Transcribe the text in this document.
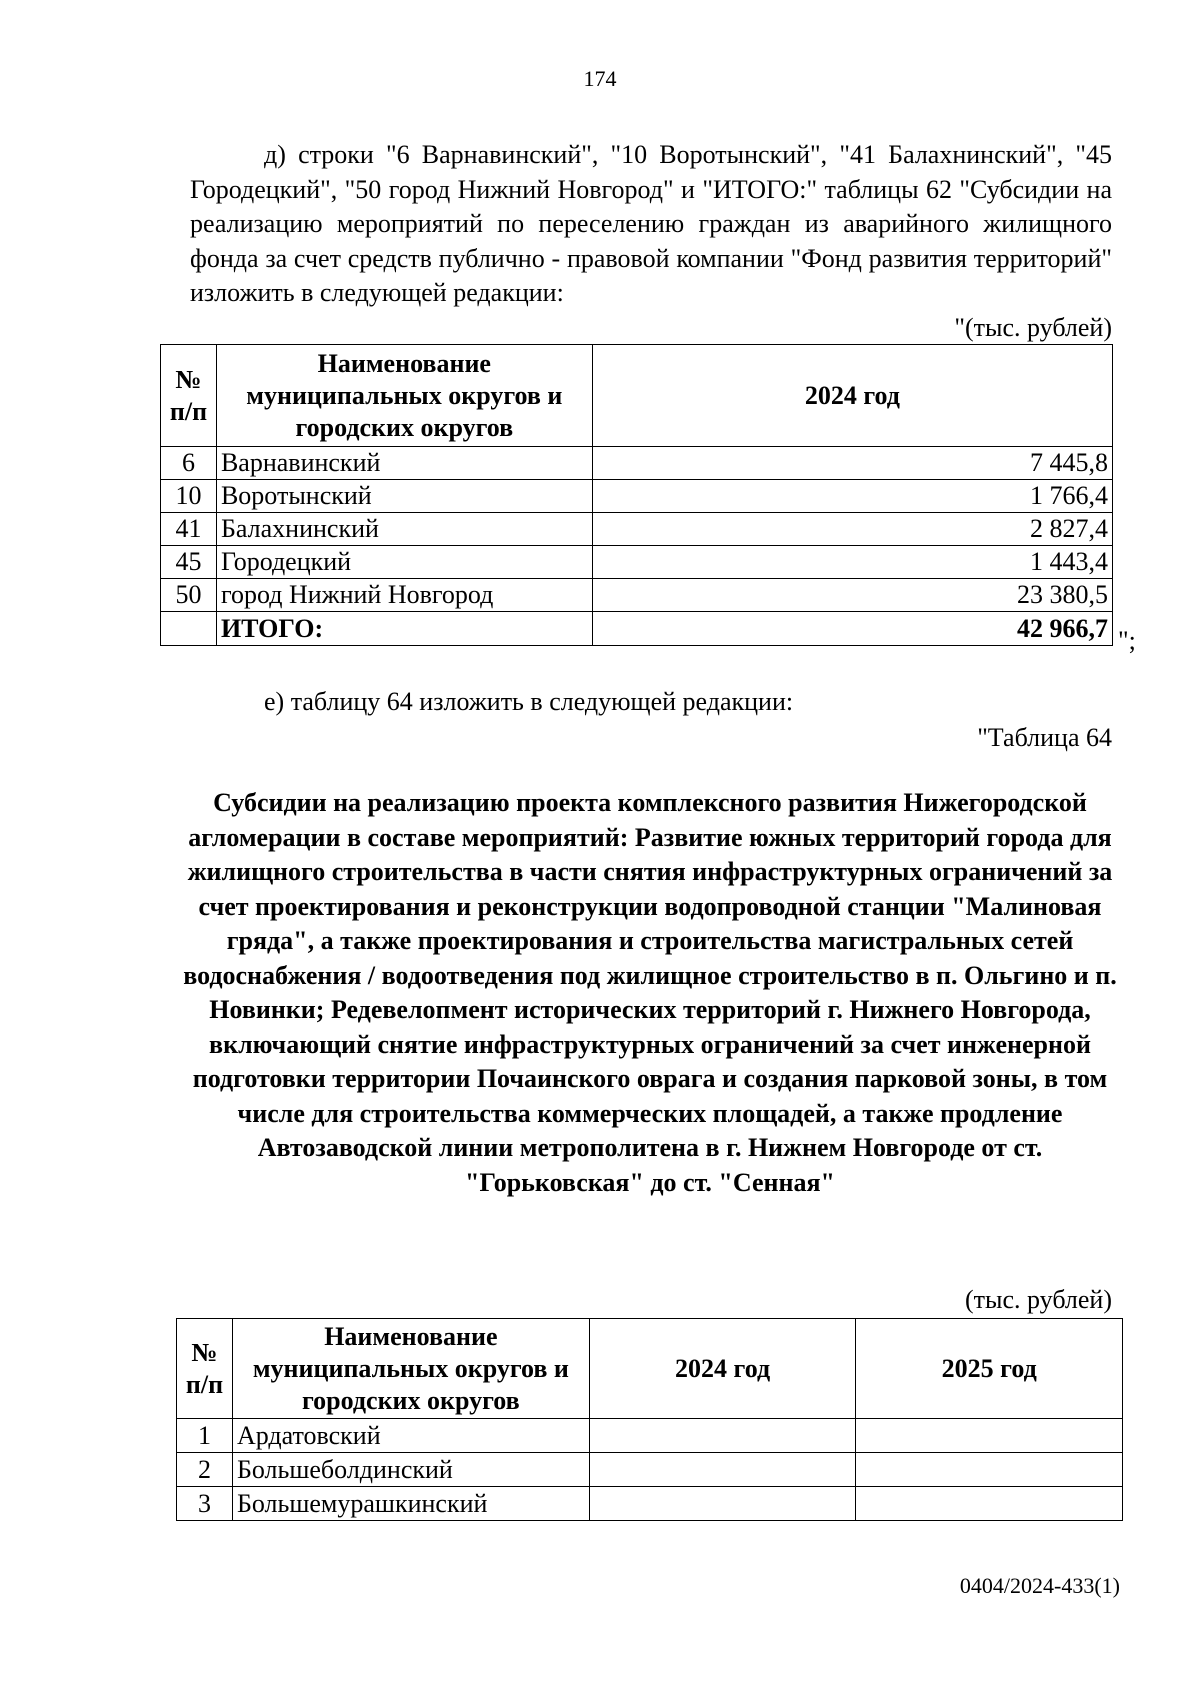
174
д) строки "6 Варнавинский", "10 Воротынский", "41 Балахнинский", "45 Городецкий", "50 город Нижний Новгород" и "ИТОГО:" таблицы 62 "Субсидии на реализацию мероприятий по переселению граждан из аварийного жилищного фонда за счет средств публично - правовой компании "Фонд развития территорий" изложить в следующей редакции:
"(тыс. рублей)
№ п/п	Наименование муниципальных округов и городских округов	2024 год
6	Варнавинский	7 445,8
10	Воротынский	1 766,4
41	Балахнинский	2 827,4
45	Городецкий	1 443,4
50	город Нижний Новгород	23 380,5
	ИТОГО:	42 966,7 ";
е) таблицу 64 изложить в следующей редакции:
"Таблица 64
Субсидии на реализацию проекта комплексного развития Нижегородской агломерации в составе мероприятий: Развитие южных территорий города для жилищного строительства в части снятия инфраструктурных ограничений за счет проектирования и реконструкции водопроводной станции "Малиновая гряда", а также проектирования и строительства магистральных сетей водоснабжения / водоотведения под жилищное строительство в п. Ольгино и п. Новинки; Редевелопмент исторических территорий г. Нижнего Новгорода, включающий снятие инфраструктурных ограничений за счет инженерной подготовки территории Почаинского оврага и создания парковой зоны, в том числе для строительства коммерческих площадей, а также продление Автозаводской линии метрополитена в г. Нижнем Новгороде от ст. "Горьковская" до ст. "Сенная"
(тыс. рублей)
№ п/п	Наименование муниципальных округов и городских округов	2024 год	2025 год
1	Ардатовский		
2	Большеболдинский		
3	Большемурашкинский		
0404/2024-433(1)
